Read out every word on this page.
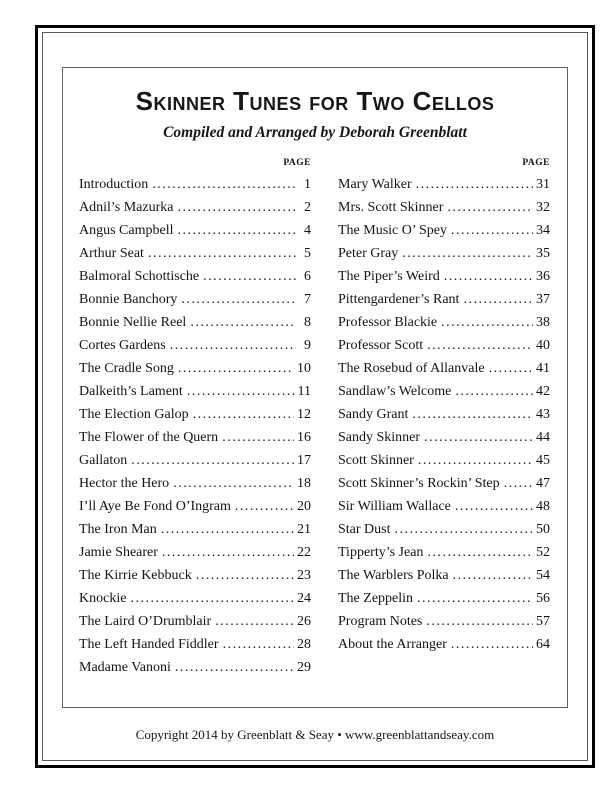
Skinner Tunes for Two Cellos
Compiled and Arranged by Deborah Greenblatt
PAGE
Introduction .....	1
Adnil’s Mazurka .....	2
Angus Campbell .....	4
Arthur Seat .....	5
Balmoral Schottische .....	6
Bonnie Banchory .....	7
Bonnie Nellie Reel .....	8
Cortes Gardens .....	9
The Cradle Song .....	10
Dalkeith’s Lament .....	11
The Election Galop .....	12
The Flower of the Quern .....	16
Gallaton .....	17
Hector the Hero .....	18
I’ll Aye Be Fond O’Ingram .....	20
The Iron Man .....	21
Jamie Shearer .....	22
The Kirrie Kebbuck .....	23
Knockie .....	24
The Laird O’Drumblair .....	26
The Left Handed Fiddler .....	28
Madame Vanoni .....	29
PAGE
Mary Walker .....	31
Mrs. Scott Skinner .....	32
The Music O’ Spey .....	34
Peter Gray .....	35
The Piper’s Weird .....	36
Pittengardener’s Rant .....	37
Professor Blackie .....	38
Professor Scott .....	40
The Rosebud of Allanvale .....	41
Sandlaw’s Welcome .....	42
Sandy Grant .....	43
Sandy Skinner .....	44
Scott Skinner .....	45
Scott Skinner’s Rockin’ Step .....	47
Sir William Wallace .....	48
Star Dust .....	50
Tipperty’s Jean .....	52
The Warblers Polka .....	54
The Zeppelin .....	56
Program Notes .....	57
About the Arranger .....	64
Copyright 2014 by Greenblatt & Seay • www.greenblattandseay.com
